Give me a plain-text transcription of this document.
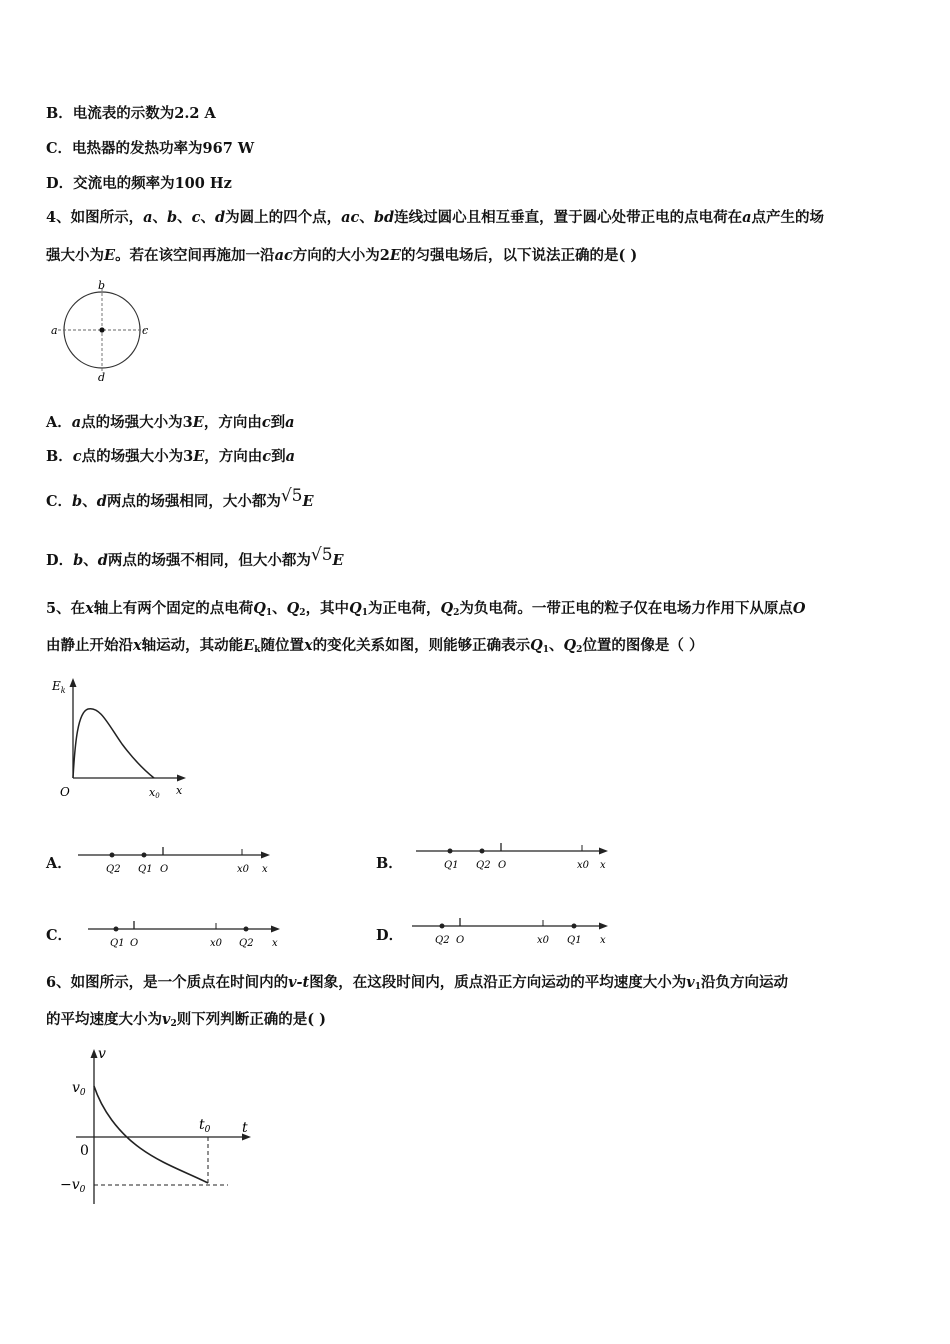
B．电流表的示数为2.2 A
C．电热器的发热功率为967 W
D．交流电的频率为100 Hz
4、如图所示，a、b、c、d为圆上的四个点，ac、bd连线过圆心且相互垂直，置于圆心处带正电的点电荷在a点产生的场
强大小为E。若在该空间再施加一沿ac方向的大小为2E的匀强电场后，以下说法正确的是( )
a
b
c
d
A．a点的场强大小为3E，方向由c到a
B．c点的场强大小为3E，方向由c到a
C．b、d两点的场强相同，大小都为√5E
D．b、d两点的场强不相同，但大小都为√5E
5、在x轴上有两个固定的点电荷$Q_1$、$Q_2$，其中$Q_1$为正电荷，$Q_2$为负电荷。一带正电的粒子仅在电场力作用下从原点O
由静止开始沿x轴运动，其动能$E_k$随位置x的变化关系如图，则能够正确表示$Q_1$、$Q_2$位置的图像是（ ）
$E_k$
O	x0 x
A．	Q2 Q1 O	x0 x	B．	Q1 Q2 O	x0 x
C．	Q1 O	x0 Q2 x	D．	Q2 O	x0 Q1 x
6、如图所示，是一个质点在时间内的v-t图象，在这段时间内，质点沿正方向运动的平均速度大小为$v_1$沿负方向运动
的平均速度大小为$v_2$则下列判断正确的是( )
v
$v_0$
0
$t_0$ t
$-v_0$
